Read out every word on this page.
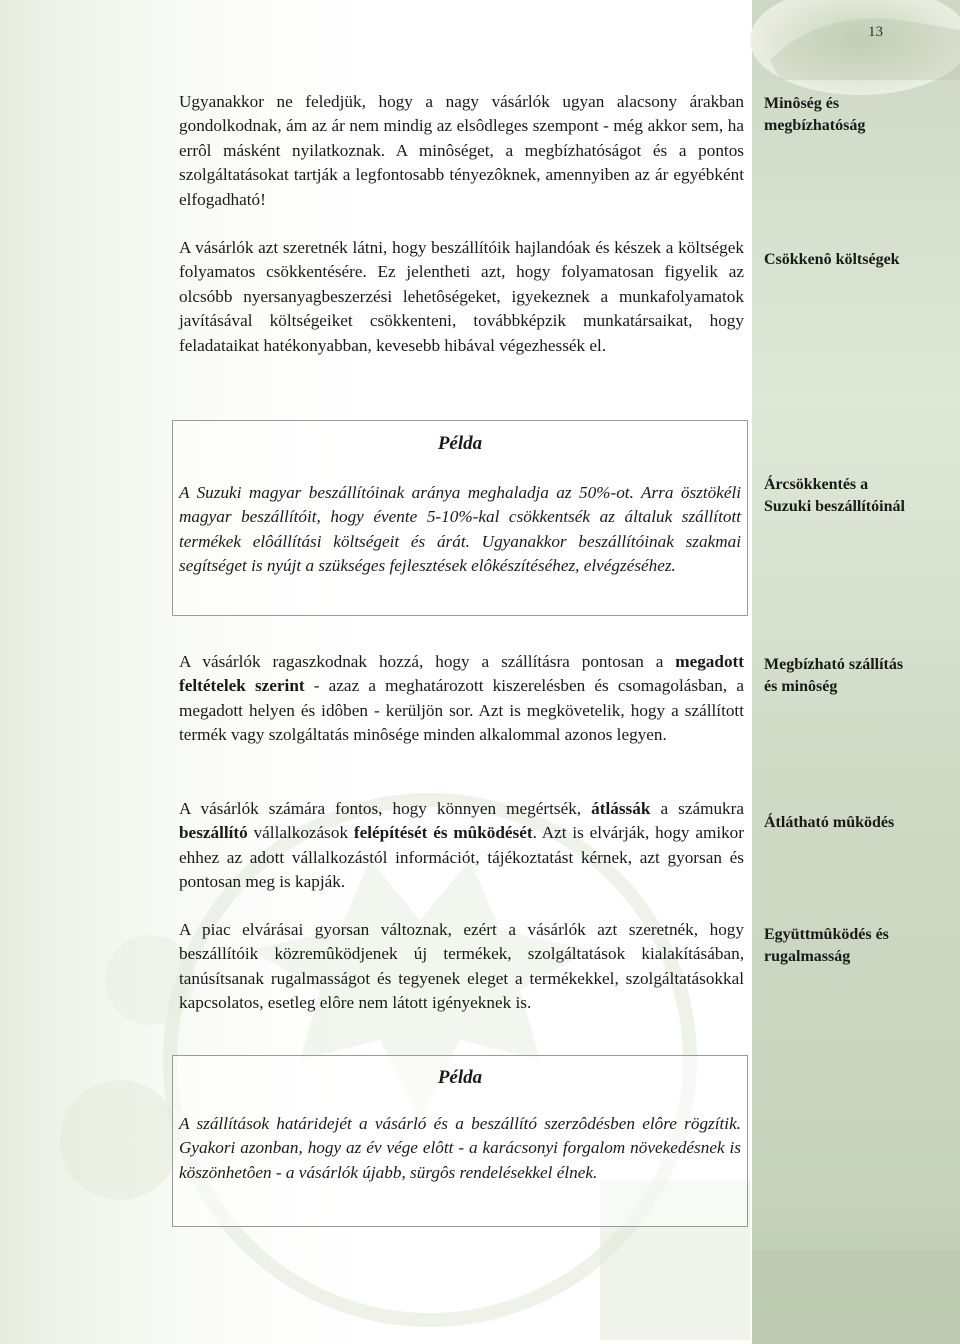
13

Ugyanakkor ne feledjük, hogy a nagy vásárlók ugyan alacsony árakban gondolkodnak, ám az ár nem mindig az elsôdleges szempont - még akkor sem, ha errôl másként nyilatkoznak. A minôséget, a megbízhatóságot és a pontos szolgáltatásokat tartják a legfontosabb tényezôknek, amennyiben az ár egyébként elfogadható!

A vásárlók azt szeretnék látni, hogy beszállítóik hajlandóak és készek a költségek folyamatos csökkentésére. Ez jelentheti azt, hogy folyamatosan figyelik az olcsóbb nyersanyagbeszerzési lehetôségeket, igyekeznek a munkafolyamatok javításával költségeiket csökkenteni, továbbképzik munkatársaikat, hogy feladataikat hatékonyabban, kevesebb hibával végezhessék el.

Példa

A Suzuki magyar beszállítóinak aránya meghaladja az 50%-ot. Arra ösztökéli magyar beszállítóit, hogy évente 5-10%-kal csökkentsék az általuk szállított termékek elôállítási költségeit és árát. Ugyanakkor beszállítóinak szakmai segítséget is nyújt a szükséges fejlesztések elôkészítéséhez, elvégzéséhez.

A vásárlók ragaszkodnak hozzá, hogy a szállításra pontosan a megadott feltételek szerint - azaz a meghatározott kiszerelésben és csomagolásban, a megadott helyen és idôben - kerüljön sor. Azt is megkövetelik, hogy a szállított termék vagy szolgáltatás minôsége minden alkalommal azonos legyen.

A vásárlók számára fontos, hogy könnyen megértsék, átlássák a számukra beszállító vállalkozások felépítését és mûködését. Azt is elvárják, hogy amikor ehhez az adott vállalkozástól információt, tájékoztatást kérnek, azt gyorsan és pontosan meg is kapják.

A piac elvárásai gyorsan változnak, ezért a vásárlók azt szeretnék, hogy beszállítóik közremûködjenek új termékek, szolgáltatások kialakításában, tanúsítsanak rugalmasságot és tegyenek eleget a termékekkel, szolgáltatásokkal kapcsolatos, esetleg elôre nem látott igényeknek is.

Példa

A szállítások határidejét a vásárló és a beszállító szerzôdésben elôre rögzítik. Gyakori azonban, hogy az év vége elôtt - a karácsonyi forgalom növekedésnek is köszönhetôen - a vásárlók újabb, sürgôs rendelésekkel élnek.

Minôség és megbízhatóság
Csökkenô költségek
Árcsökkentés a Suzuki beszállítóinál
Megbízható szállítás és minôség
Átlátható mûködés
Együttmûködés és rugalmasság
